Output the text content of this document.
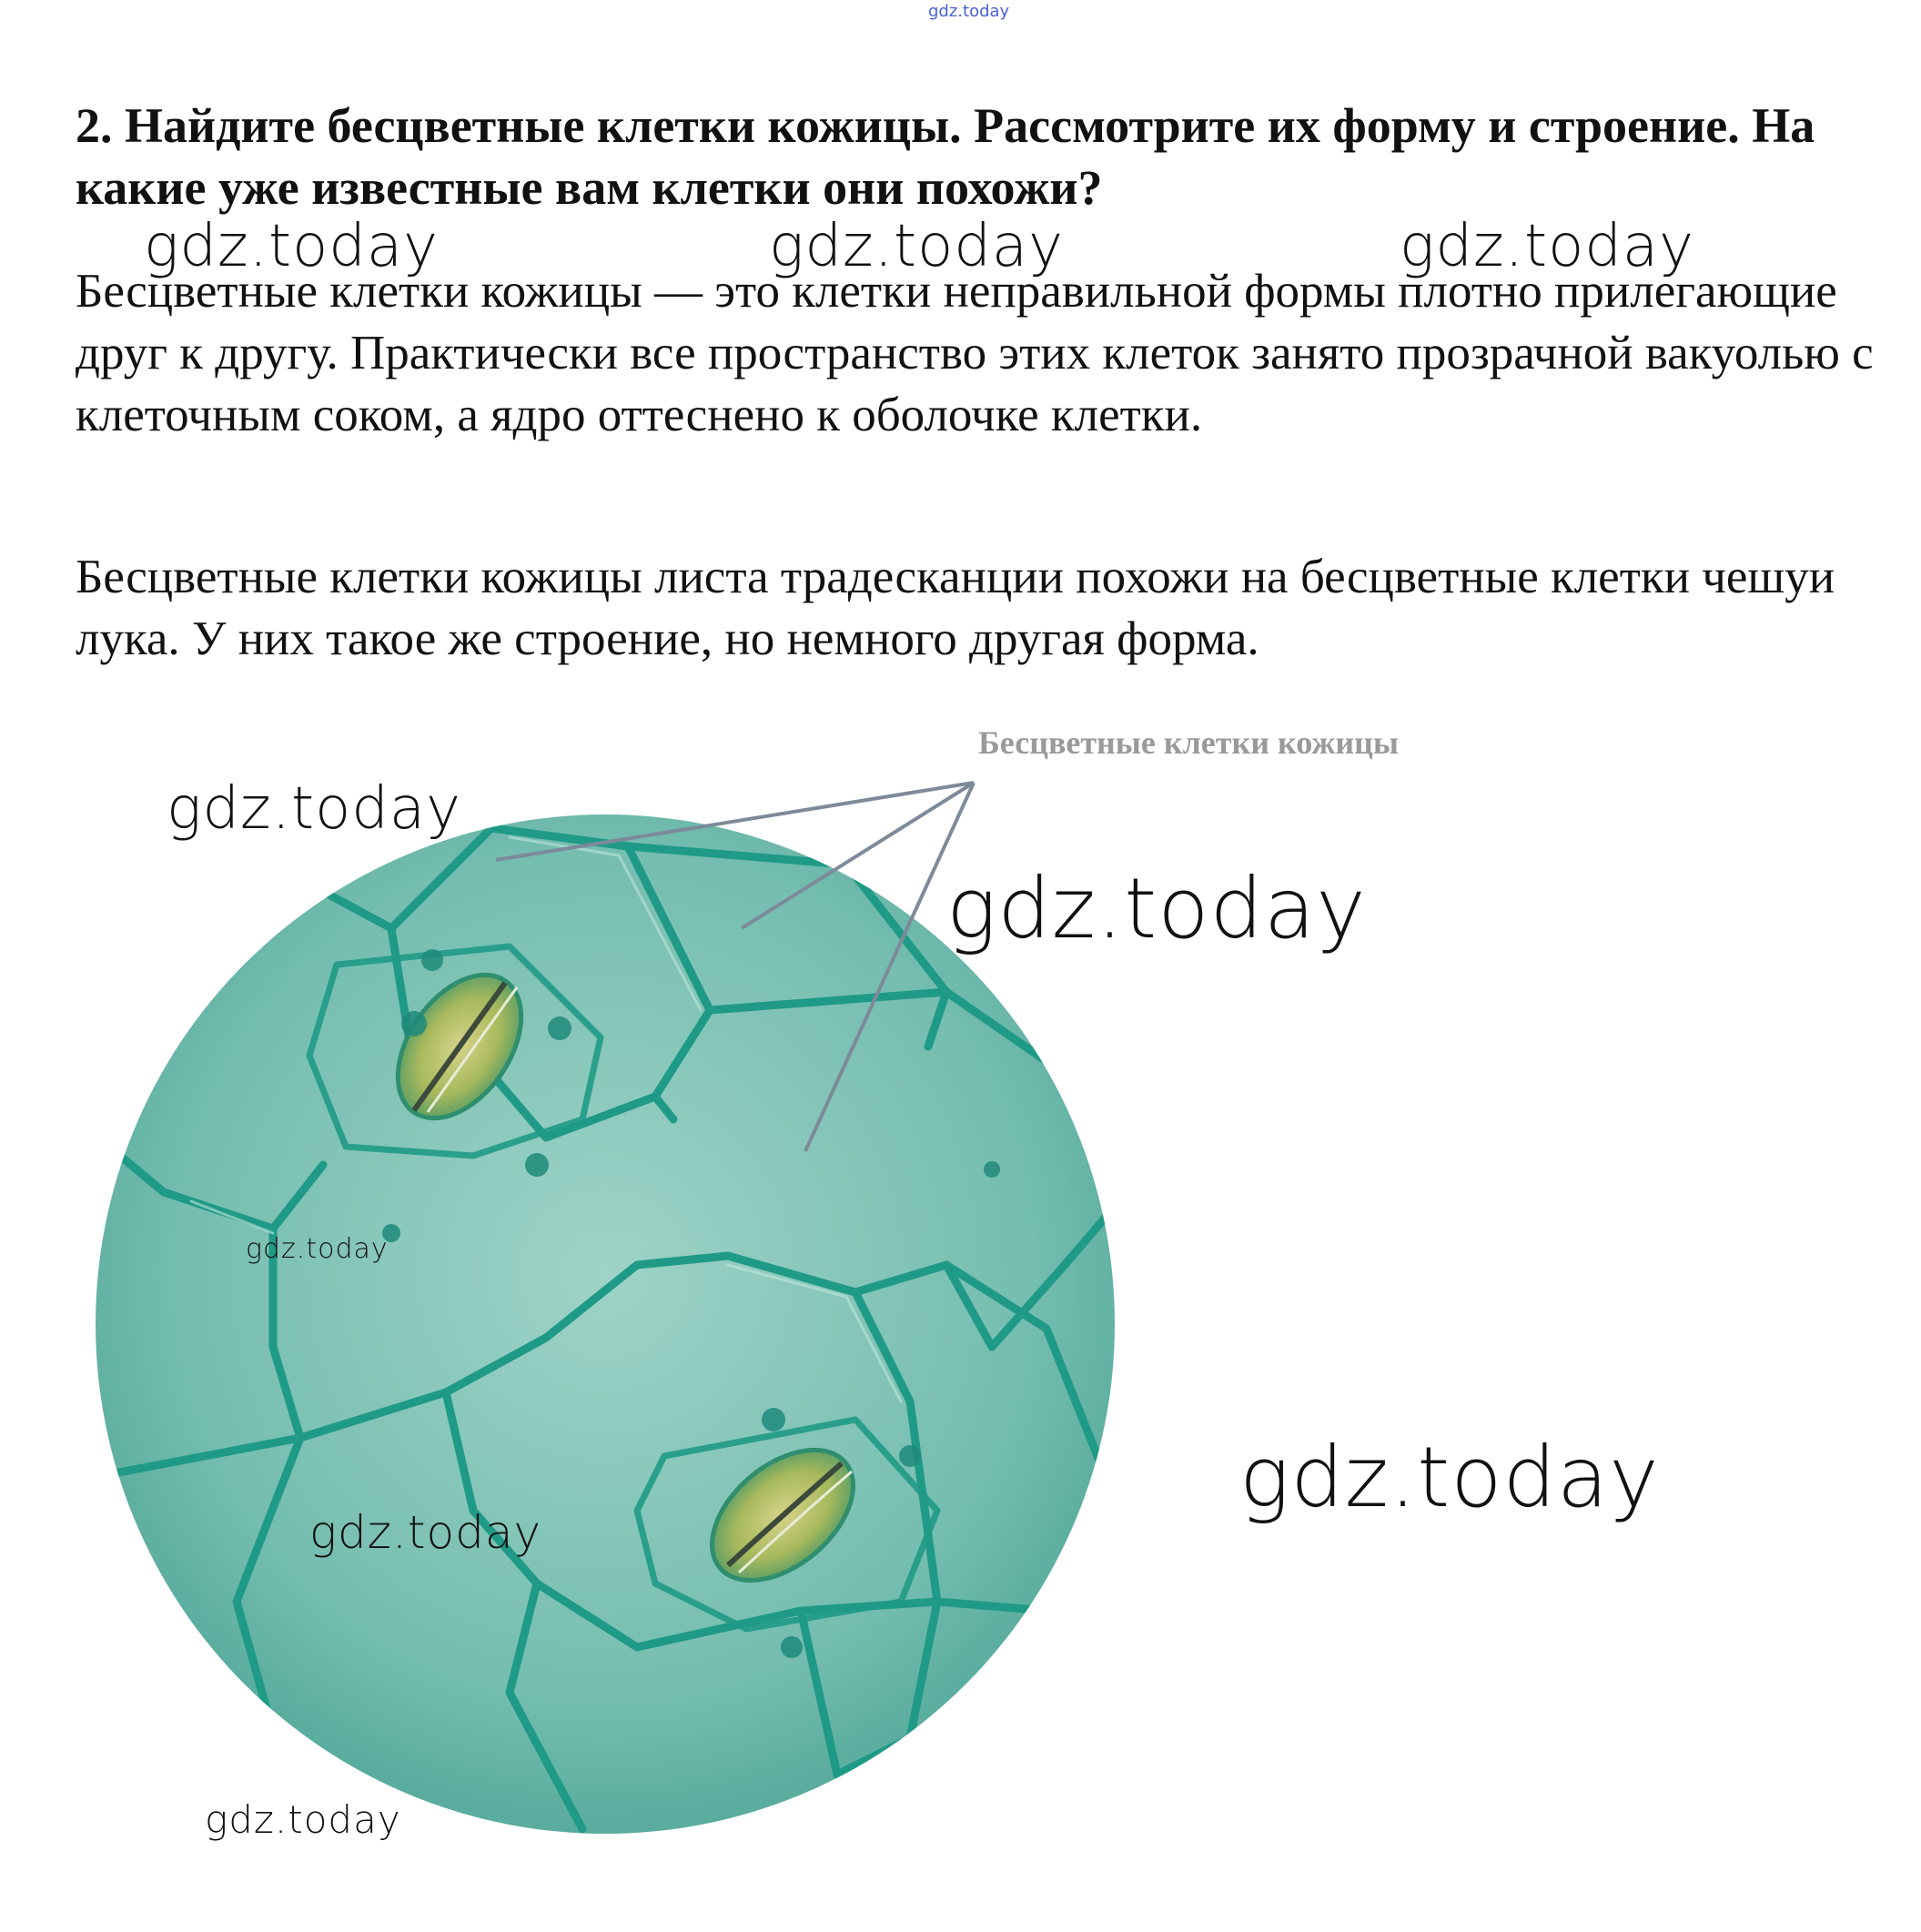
gdz.today

2. Найдите бесцветные клетки кожицы. Рассмотрите их форму и строение. На какие уже известные вам клетки они похожи?

Бесцветные клетки кожицы — это клетки неправильной формы плотно прилегающие друг к другу. Практически все пространство этих клеток занято прозрачной вакуолью с клеточным соком, а ядро оттеснено к оболочке клетки.

Бесцветные клетки кожицы листа традесканции похожи на бесцветные клетки чешуи лука. У них такое же строение, но немного другая форма.

Бесцветные клетки кожицы
gdz.today	gdz.today	gdz.today
gdz.today
gdz.today
gdz.today
gdz.today
gdz.today
gdz.today
